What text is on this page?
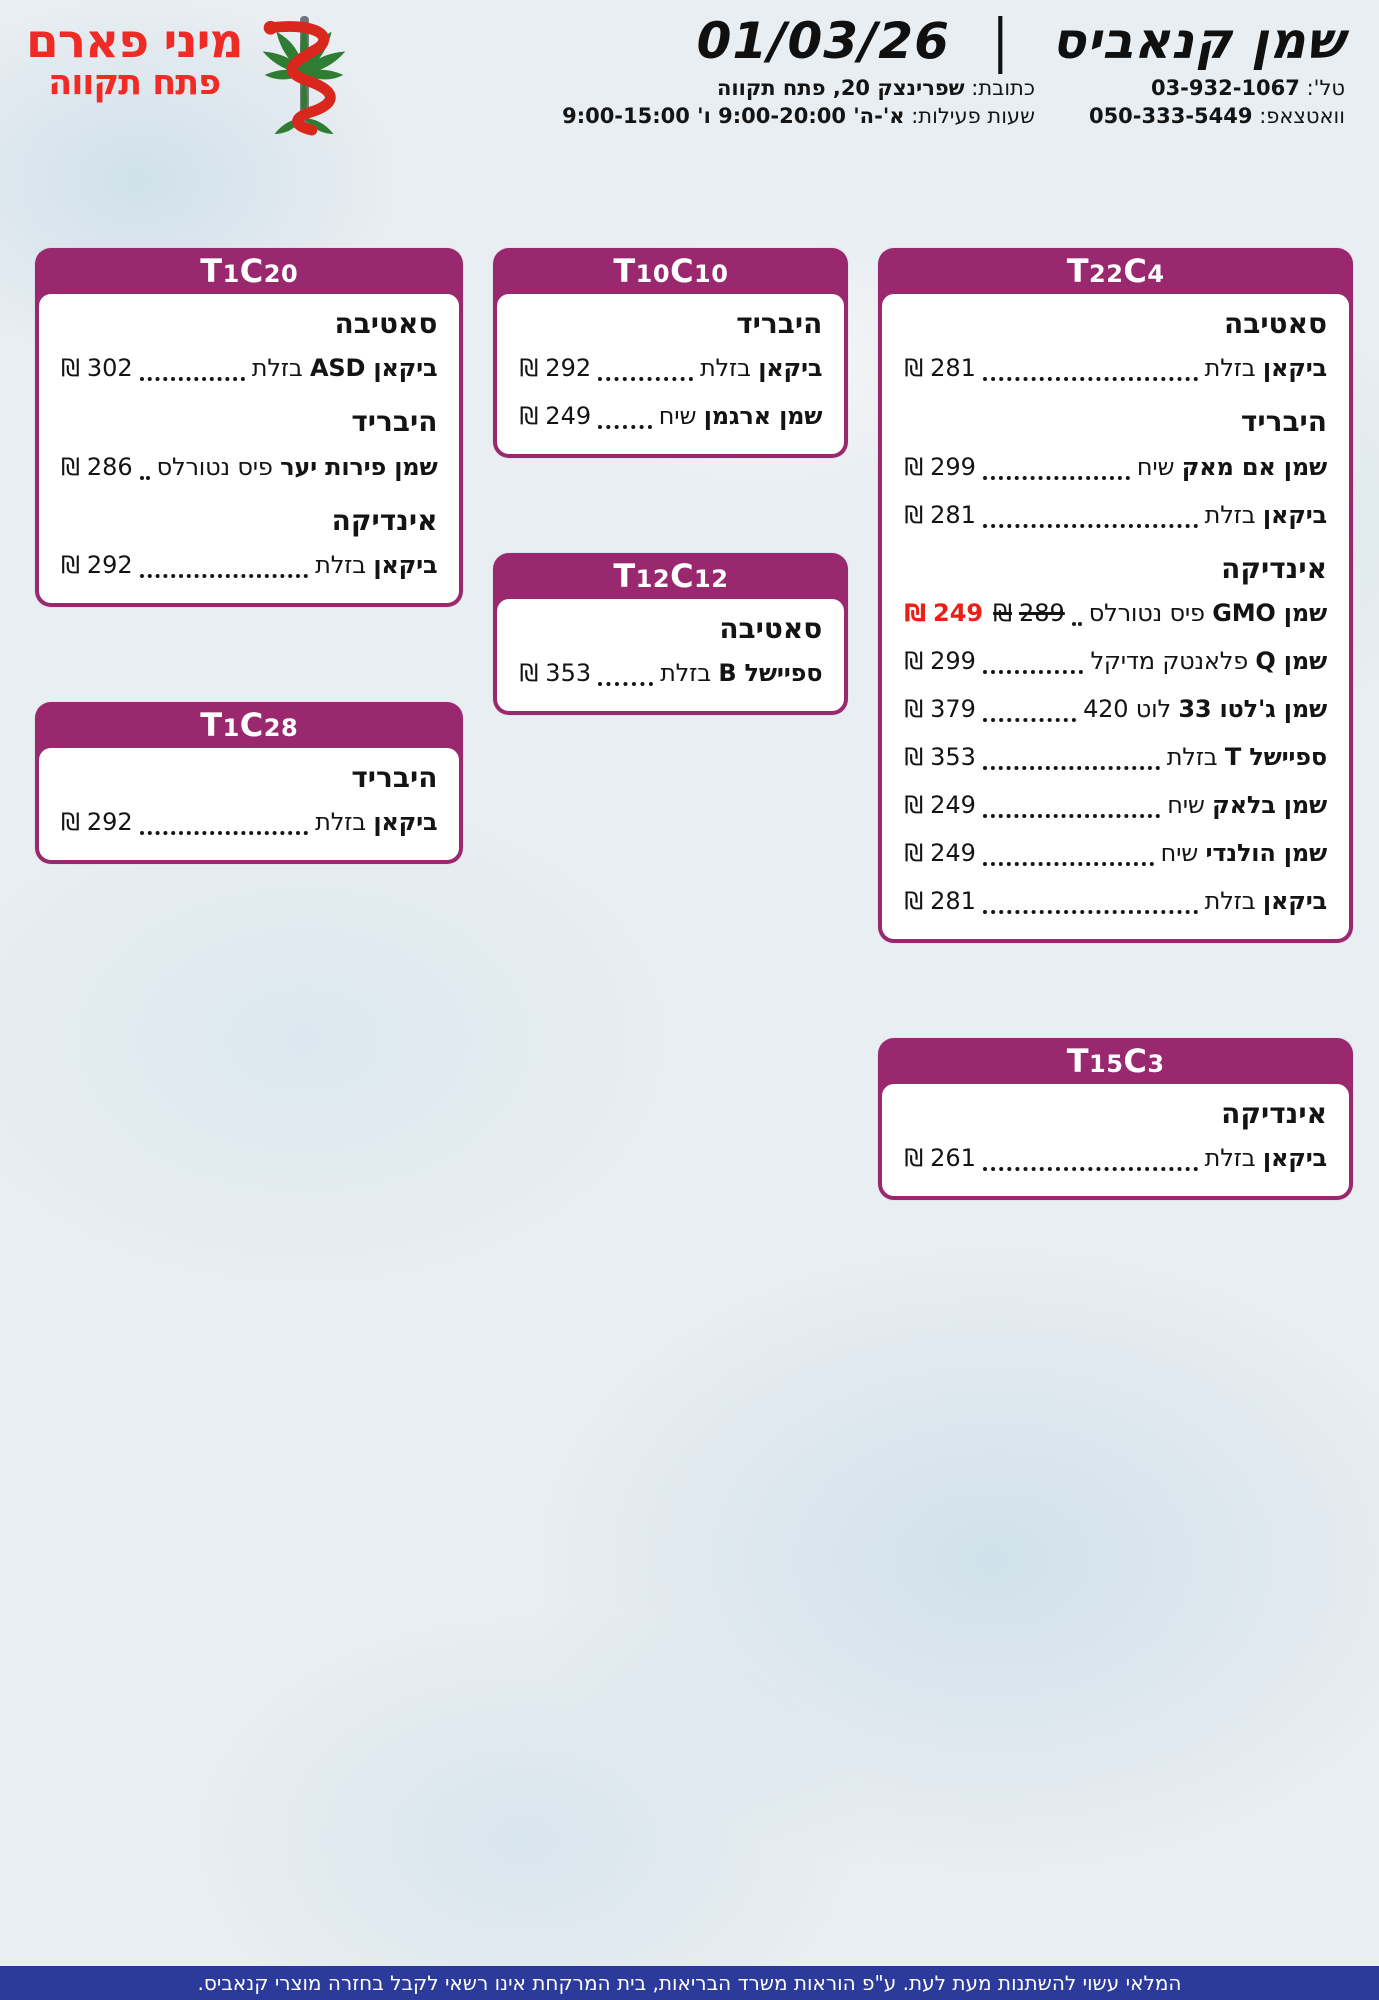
מיני פארם
פתח תקווה
שמן קנאביס
|
01/03/26
טל': 03-932-1067
כתובת: שפרינצק 20, פתח תקווה
וואטצאפ: 050-333-5449
שעות פעילות: א'-ה' 9:00-20:00 ו' 9:00-15:00
T1C20
סאטיבה
ביקאן ASD בזלת
₪ 302
היבריד
שמן פירות יער פיס נטורלס
₪ 286
אינדיקה
ביקאן בזלת
₪ 292
T1C28
היבריד
ביקאן בזלת
₪ 292
T10C10
היבריד
ביקאן בזלת
₪ 292
שמן ארגמן שיח
₪ 249
T12C12
סאטיבה
ספיישל B בזלת
₪ 353
T22C4
סאטיבה
ביקאן בזלת
₪ 281
היבריד
שמן אם מאק שיח
₪ 299
ביקאן בזלת
₪ 281
אינדיקה
שמן GMO פיס נטורלס
₪ 289
₪ 249
שמן Q פלאנטק מדיקל
₪ 299
שמן ג'לטו 33 לוט 420
₪ 379
ספיישל T בזלת
₪ 353
שמן בלאק שיח
₪ 249
שמן הולנדי שיח
₪ 249
ביקאן בזלת
₪ 281
T15C3
אינדיקה
ביקאן בזלת
₪ 261
המלאי עשוי להשתנות מעת לעת. ע"פ הוראות משרד הבריאות, בית המרקחת אינו רשאי לקבל בחזרה מוצרי קנאביס.
